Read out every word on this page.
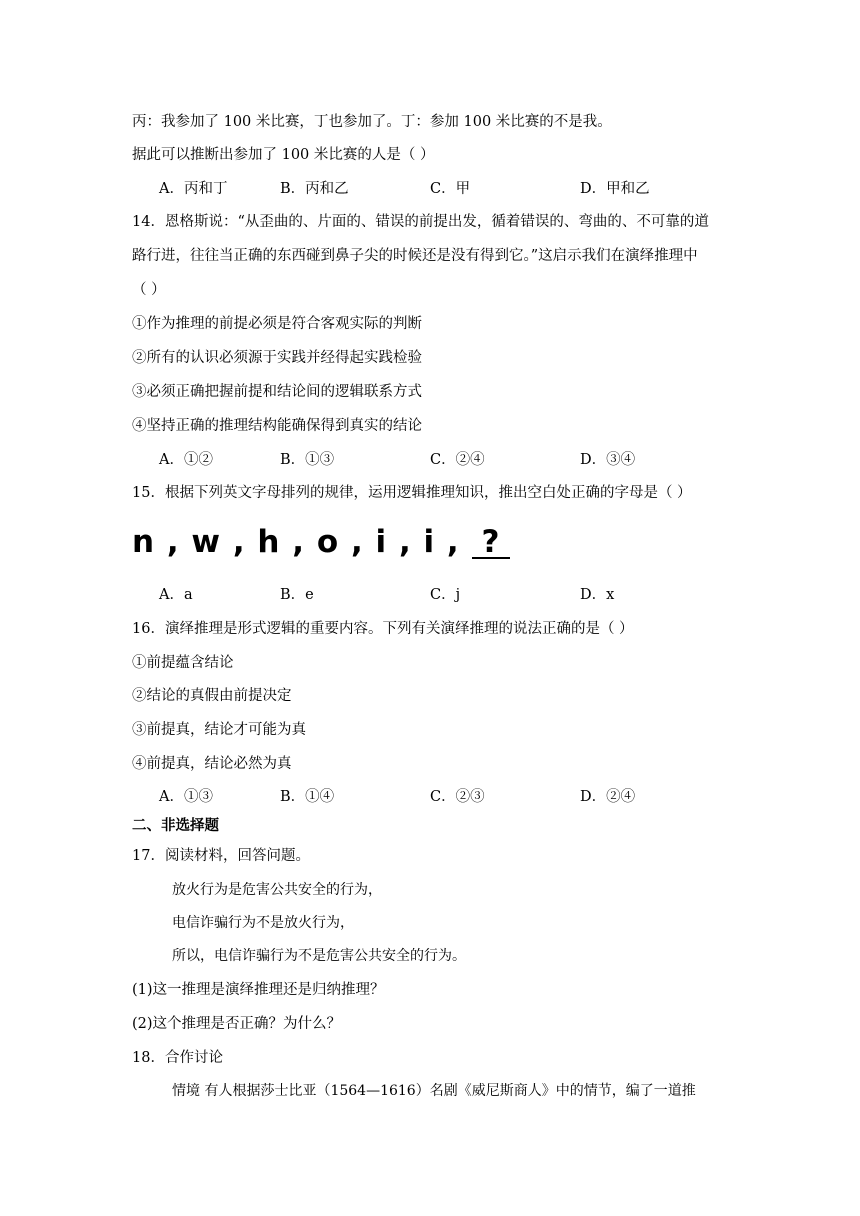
丙：我参加了 100 米比赛，丁也参加了。丁：参加 100 米比赛的不是我。
据此可以推断出参加了 100 米比赛的人是（ ）
A．丙和丁	B．丙和乙	C．甲	D．甲和乙
14．恩格斯说：“从歪曲的、片面的、错误的前提出发，循着错误的、弯曲的、不可靠的道
路行进，往往当正确的东西碰到鼻子尖的时候还是没有得到它。”这启示我们在演绎推理中
（ ）
①作为推理的前提必须是符合客观实际的判断
②所有的认识必须源于实践并经得起实践检验
③必须正确把握前提和结论间的逻辑联系方式
④坚持正确的推理结构能确保得到真实的结论
A．①②	B．①③	C．②④	D．③④
15．根据下列英文字母排列的规律，运用逻辑推理知识，推出空白处正确的字母是（ ）
n , w , h , o , i , i , ?
A．a	B．e	C．j	D．x
16．演绎推理是形式逻辑的重要内容。下列有关演绎推理的说法正确的是（ ）
①前提蕴含结论
②结论的真假由前提决定
③前提真，结论才可能为真
④前提真，结论必然为真
A．①③	B．①④	C．②③	D．②④
二、非选择题
17．阅读材料，回答问题。
放火行为是危害公共安全的行为，
电信诈骗行为不是放火行为，
所以，电信诈骗行为不是危害公共安全的行为。
(1)这一推理是演绎推理还是归纳推理？
(2)这个推理是否正确？为什么？
18．合作讨论
情境 有人根据莎士比亚（1564—1616）名剧《威尼斯商人》中的情节，编了一道推
